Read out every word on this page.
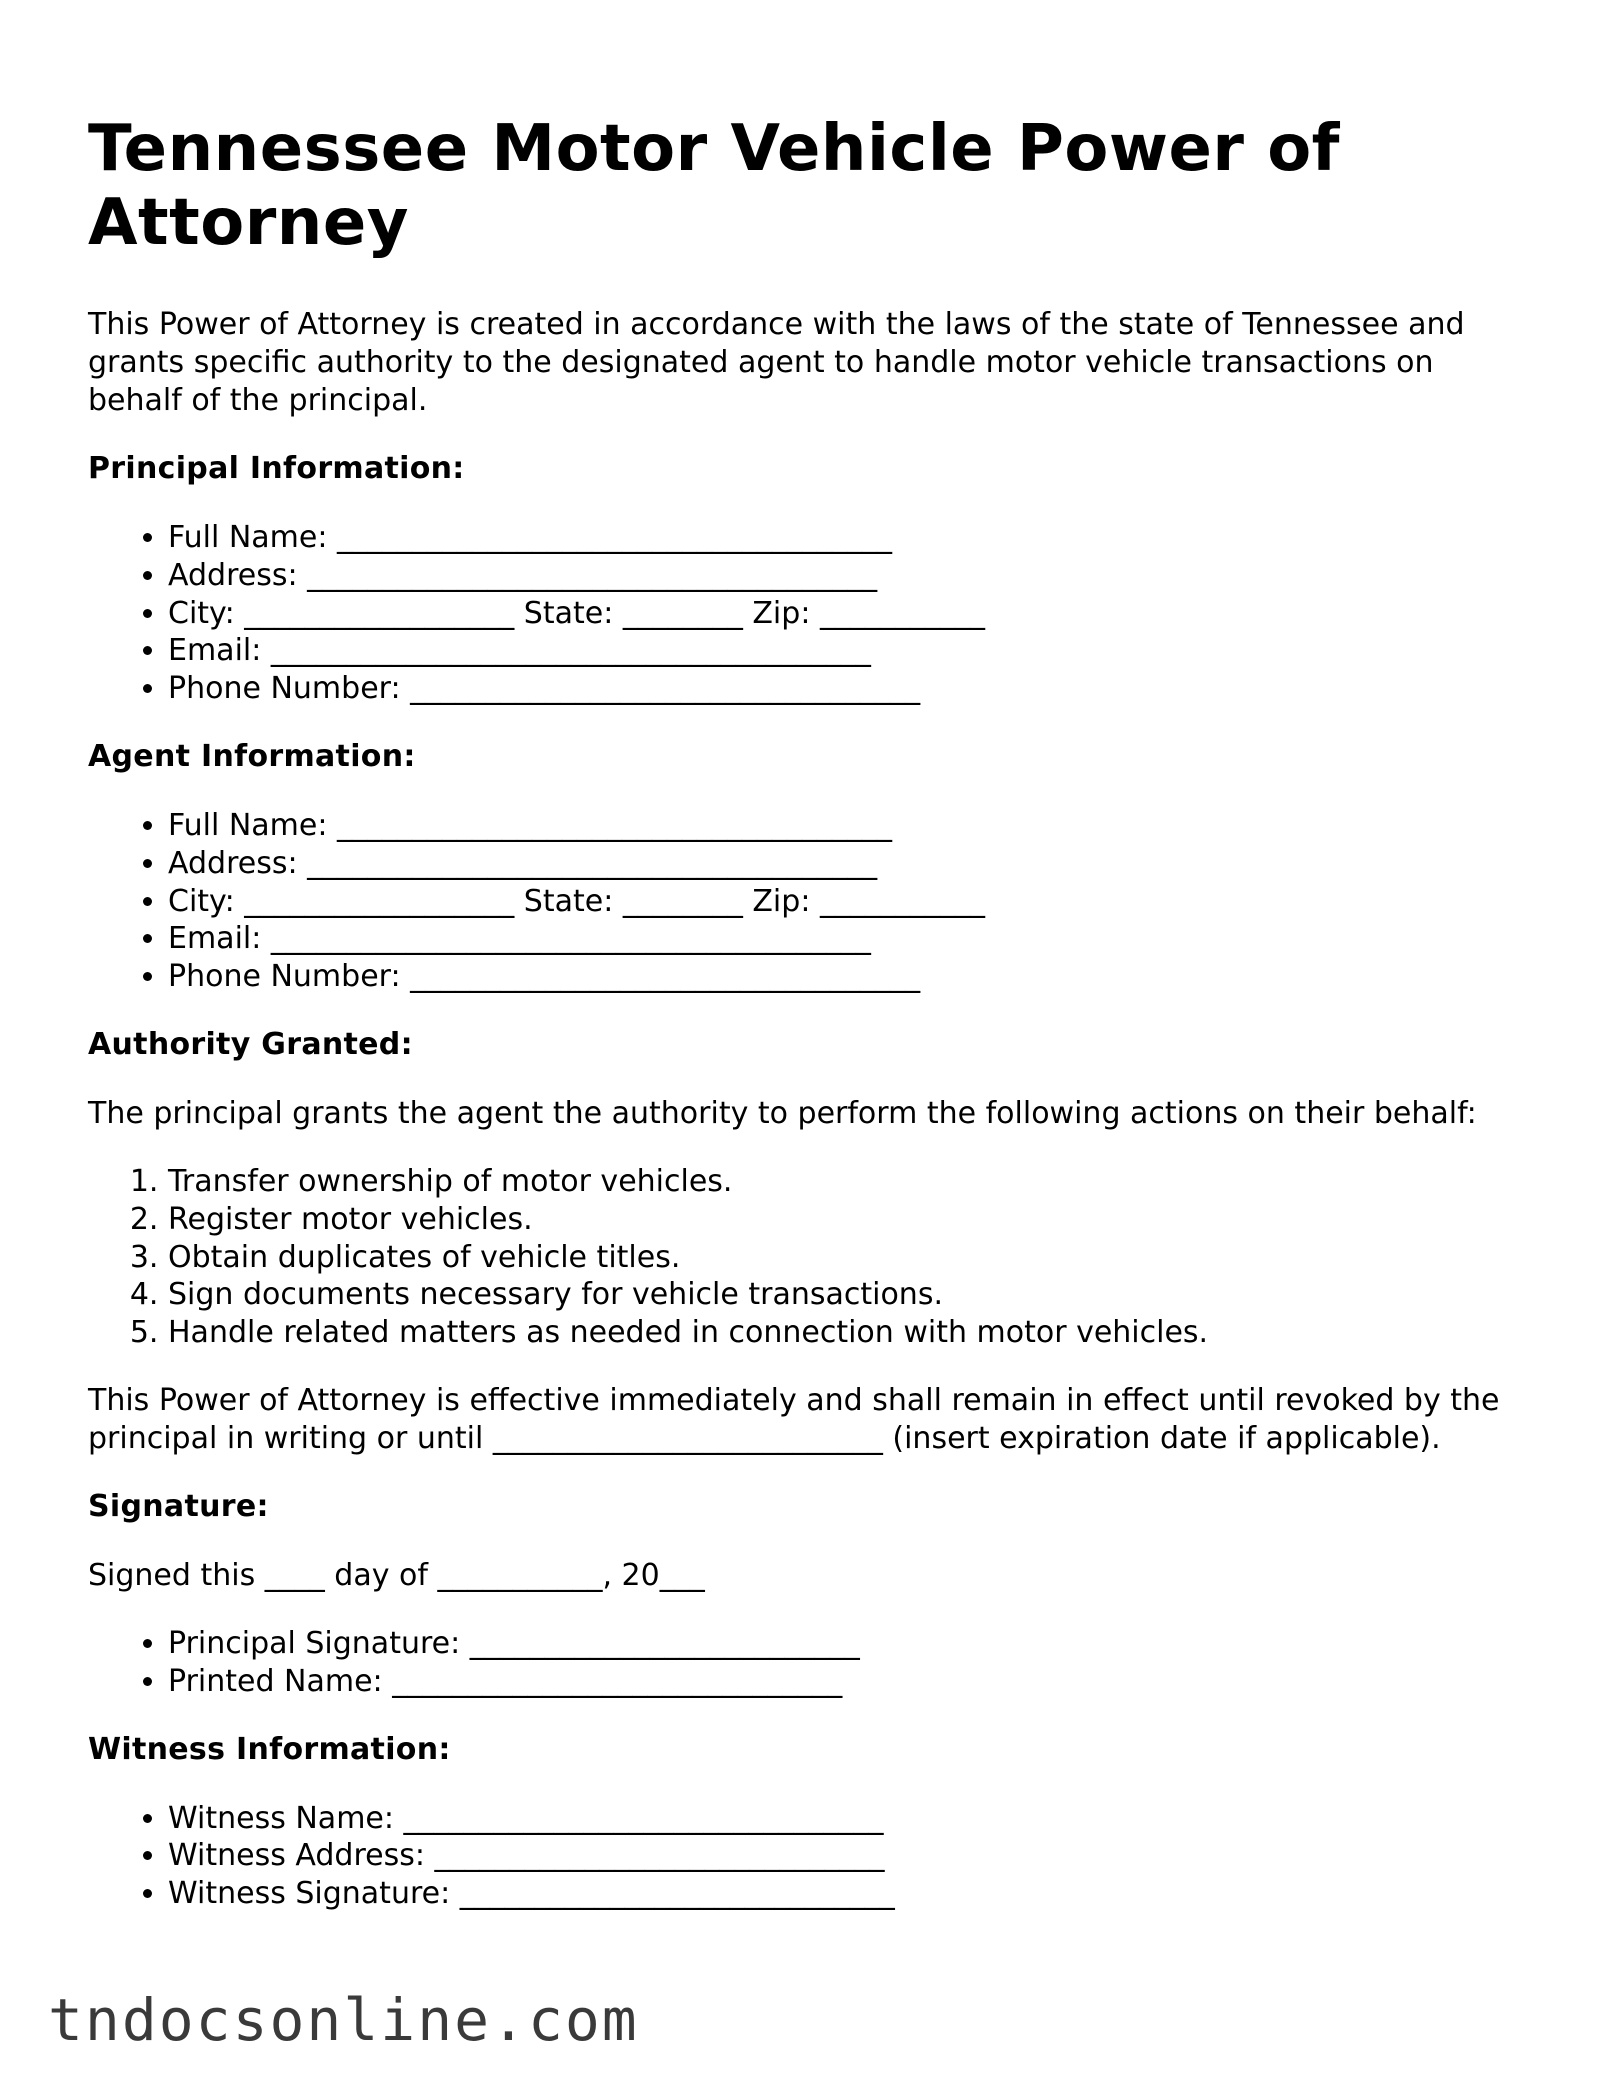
Tennessee Motor Vehicle Power of Attorney

This Power of Attorney is created in accordance with the laws of the state of Tennessee and grants specific authority to the designated agent to handle motor vehicle transactions on behalf of the principal.

Principal Information:
• Full Name: _____________________________________
• Address: ______________________________________
• City: __________________ State: ________ Zip: ___________
• Email: ________________________________________
• Phone Number: __________________________________
Agent Information:
• Full Name: _____________________________________
• Address: ______________________________________
• City: __________________ State: ________ Zip: ___________
• Email: ________________________________________
• Phone Number: __________________________________
Authority Granted:

The principal grants the agent the authority to perform the following actions on their behalf:

1. Transfer ownership of motor vehicles.
2. Register motor vehicles.
3. Obtain duplicates of vehicle titles.
4. Sign documents necessary for vehicle transactions.
5. Handle related matters as needed in connection with motor vehicles.

This Power of Attorney is effective immediately and shall remain in effect until revoked by the principal in writing or until __________________________ (insert expiration date if applicable).

Signature:

Signed this ____ day of ___________, 20___

• Principal Signature: __________________________
• Printed Name: ______________________________
Witness Information:
• Witness Name: ________________________________
• Witness Address: ______________________________
• Witness Signature: _____________________________
tndocsonline.com
